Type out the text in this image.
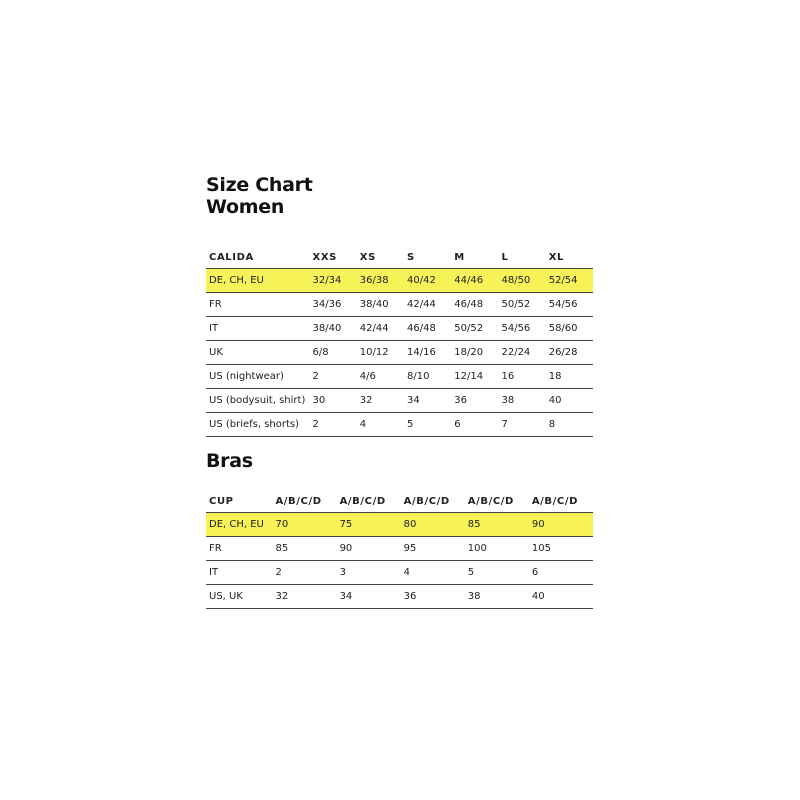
Size Chart
Women
CALIDA	XXS	XS	S	M	L	XL
DE, CH, EU	32/34	36/38	40/42	44/46	48/50	52/54
FR	34/36	38/40	42/44	46/48	50/52	54/56
IT	38/40	42/44	46/48	50/52	54/56	58/60
UK	6/8	10/12	14/16	18/20	22/24	26/28
US (nightwear)	2	4/6	8/10	12/14	16	18
US (bodysuit, shirt)	30	32	34	36	38	40
US (briefs, shorts)	2	4	5	6	7	8
Bras
CUP	A/B/C/D	A/B/C/D	A/B/C/D	A/B/C/D	A/B/C/D
DE, CH, EU	70	75	80	85	90
FR	85	90	95	100	105
IT	2	3	4	5	6
US, UK	32	34	36	38	40
